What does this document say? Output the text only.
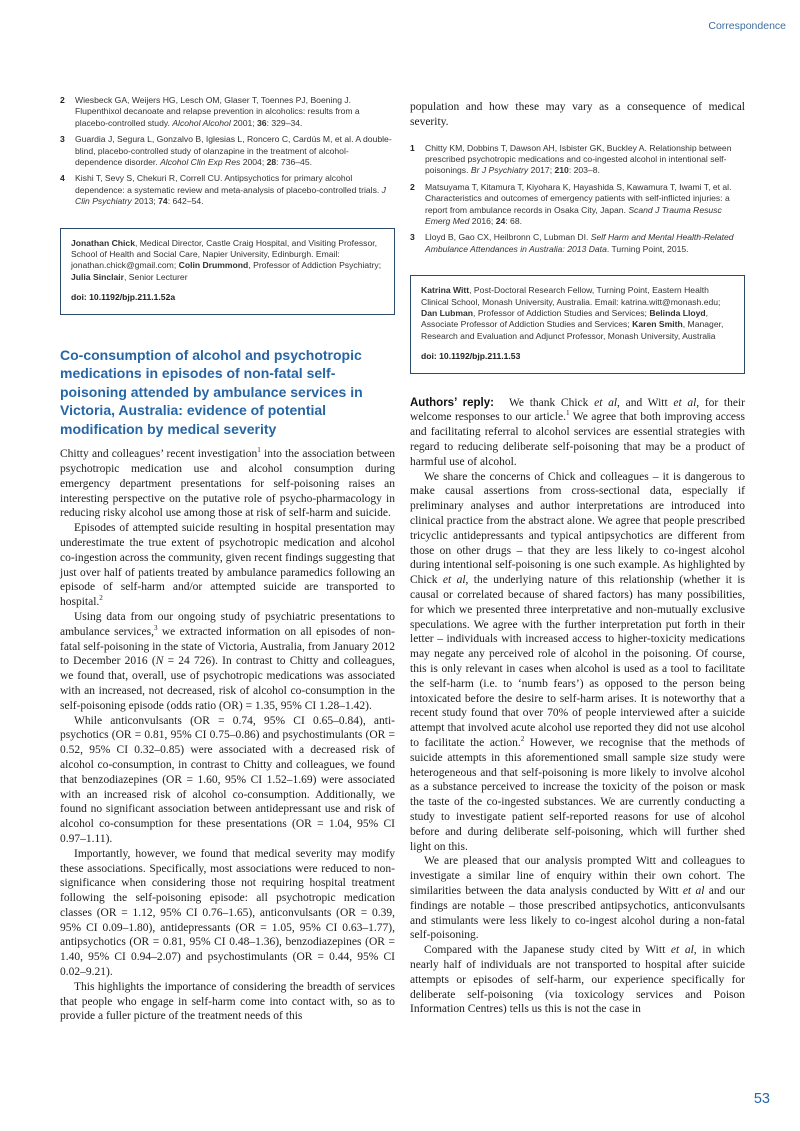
Correspondence
2	Wiesbeck GA, Weijers HG, Lesch OM, Glaser T, Toennes PJ, Boening J. Flupenthixol decanoate and relapse prevention in alcoholics: results from a placebo-controlled study. Alcohol Alcohol 2001; 36: 329–34.
3	Guardia J, Segura L, Gonzalvo B, Iglesias L, Roncero C, Cardús M, et al. A double-blind, placebo-controlled study of olanzapine in the treatment of alcohol-dependence disorder. Alcohol Clin Exp Res 2004; 28: 736–45.
4	Kishi T, Sevy S, Chekuri R, Correll CU. Antipsychotics for primary alcohol dependence: a systematic review and meta-analysis of placebo-controlled trials. J Clin Psychiatry 2013; 74: 642–54.
Jonathan Chick, Medical Director, Castle Craig Hospital, and Visiting Professor, School of Health and Social Care, Napier University, Edinburgh. Email: jonathan.chick@gmail.com; Colin Drummond, Professor of Addiction Psychiatry; Julia Sinclair, Senior Lecturer
doi: 10.1192/bjp.211.1.52a
Co-consumption of alcohol and psychotropic medications in episodes of non-fatal self-poisoning attended by ambulance services in Victoria, Australia: evidence of potential modification by medical severity

Chitty and colleagues’ recent investigation$^1$ into the association between psychotropic medication use and alcohol consumption during emergency department presentations for self-poisoning raises an interesting perspective on the putative role of psycho-pharmacology in reducing risky alcohol use among those at risk of self-harm and suicide.

Episodes of attempted suicide resulting in hospital presentation may underestimate the true extent of psychotropic medication and alcohol co-ingestion across the community, given recent findings suggesting that just over half of patients treated by ambulance paramedics following an episode of self-harm and/or attempted suicide are transported to hospital.$^2$

Using data from our ongoing study of psychiatric presentations to ambulance services,$^3$ we extracted information on all episodes of non-fatal self-poisoning in the state of Victoria, Australia, from January 2012 to December 2016 (N = 24 726). In contrast to Chitty and colleagues, we found that, overall, use of psychotropic medications was associated with an increased, not decreased, risk of alcohol co-consumption in the self-poisoning episode (odds ratio (OR) = 1.35, 95% CI 1.28–1.42).

While anticonvulsants (OR = 0.74, 95% CI 0.65–0.84), anti-psychotics (OR = 0.81, 95% CI 0.75–0.86) and psychostimulants (OR = 0.52, 95% CI 0.32–0.85) were associated with a decreased risk of alcohol co-consumption, in contrast to Chitty and colleagues, we found that benzodiazepines (OR = 1.60, 95% CI 1.52–1.69) were associated with an increased risk of alcohol co-consumption. Additionally, we found no significant association between antidepressant use and risk of alcohol co-consumption for these presentations (OR = 1.04, 95% CI 0.97–1.11).

Importantly, however, we found that medical severity may modify these associations. Specifically, most associations were reduced to non-significance when considering those not requiring hospital treatment following the self-poisoning episode: all psychotropic medication classes (OR = 1.12, 95% CI 0.76–1.65), anticonvulsants (OR = 0.39, 95% CI 0.09–1.80), antidepressants (OR = 1.05, 95% CI 0.63–1.77), antipsychotics (OR = 0.81, 95% CI 0.48–1.36), benzodiazepines (OR = 1.40, 95% CI 0.94–2.07) and psychostimulants (OR = 0.44, 95% CI 0.02–9.21).

This highlights the importance of considering the breadth of services that people who engage in self-harm come into contact with, so as to provide a fuller picture of the treatment needs of this

population and how these may vary as a consequence of medical severity.

1	Chitty KM, Dobbins T, Dawson AH, Isbister GK, Buckley A. Relationship between prescribed psychotropic medications and co-ingested alcohol in intentional self-poisonings. Br J Psychiatry 2017; 210: 203–8.
2	Matsuyama T, Kitamura T, Kiyohara K, Hayashida S, Kawamura T, Iwami T, et al. Characteristics and outcomes of emergency patients with self-inflicted injuries: a report from ambulance records in Osaka City, Japan. Scand J Trauma Resusc Emerg Med 2016; 24: 68.
3	Lloyd B, Gao CX, Heilbronn C, Lubman DI. Self Harm and Mental Health-Related Ambulance Attendances in Australia: 2013 Data. Turning Point, 2015.
Katrina Witt, Post-Doctoral Research Fellow, Turning Point, Eastern Health Clinical School, Monash University, Australia. Email: katrina.witt@monash.edu; Dan Lubman, Professor of Addiction Studies and Services; Belinda Lloyd, Associate Professor of Addiction Studies and Services; Karen Smith, Manager, Research and Evaluation and Adjunct Professor, Monash University, Australia
doi: 10.1192/bjp.211.1.53

Authors’ reply: We thank Chick et al, and Witt et al, for their welcome responses to our article.$^1$ We agree that both improving access and facilitating referral to alcohol services are essential strategies with regard to reducing deliberate self-poisoning that may be a product of harmful use of alcohol.

We share the concerns of Chick and colleagues – it is dangerous to make causal assertions from cross-sectional data, especially if preliminary analyses and author interpretations are introduced into clinical practice from the abstract alone. We agree that people prescribed tricyclic antidepressants and typical antipsychotics are different from those on other drugs – that they are less likely to co-ingest alcohol during intentional self-poisoning is one such example. As highlighted by Chick et al, the underlying nature of this relationship (whether it is causal or correlated because of shared factors) has many possibilities, for which we presented three interpretative and non-mutually exclusive speculations. We agree with the further interpretation put forth in their letter – individuals with increased access to higher-toxicity medications may negate any perceived role of alcohol in the poisoning. Of course, this is only relevant in cases when alcohol is used as a tool to facilitate the self-harm (i.e. to ‘numb fears’) as opposed to the person being intoxicated before the desire to self-harm arises. It is noteworthy that a recent study found that over 70% of people interviewed after a suicide attempt that involved acute alcohol use reported they did not use alcohol to facilitate the action.$^2$ However, we recognise that the methods of suicide attempts in this aforementioned small sample size study were heterogeneous and that self-poisoning is more likely to involve alcohol as a substance perceived to increase the toxicity of the poison or mask the taste of the co-ingested substances. We are currently conducting a study to investigate patient self-reported reasons for use of alcohol before and during deliberate self-poisoning, which will further shed light on this.

We are pleased that our analysis prompted Witt and colleagues to investigate a similar line of enquiry within their own cohort. The similarities between the data analysis conducted by Witt et al and our findings are notable – those prescribed antipsychotics, anticonvulsants and stimulants were less likely to co-ingest alcohol during a non-fatal self-poisoning.

Compared with the Japanese study cited by Witt et al, in which nearly half of individuals are not transported to hospital after suicide attempts or episodes of self-harm, our experience specifically for deliberate self-poisoning (via toxicology services and Poison Information Centres) tells us this is not the case in

53
